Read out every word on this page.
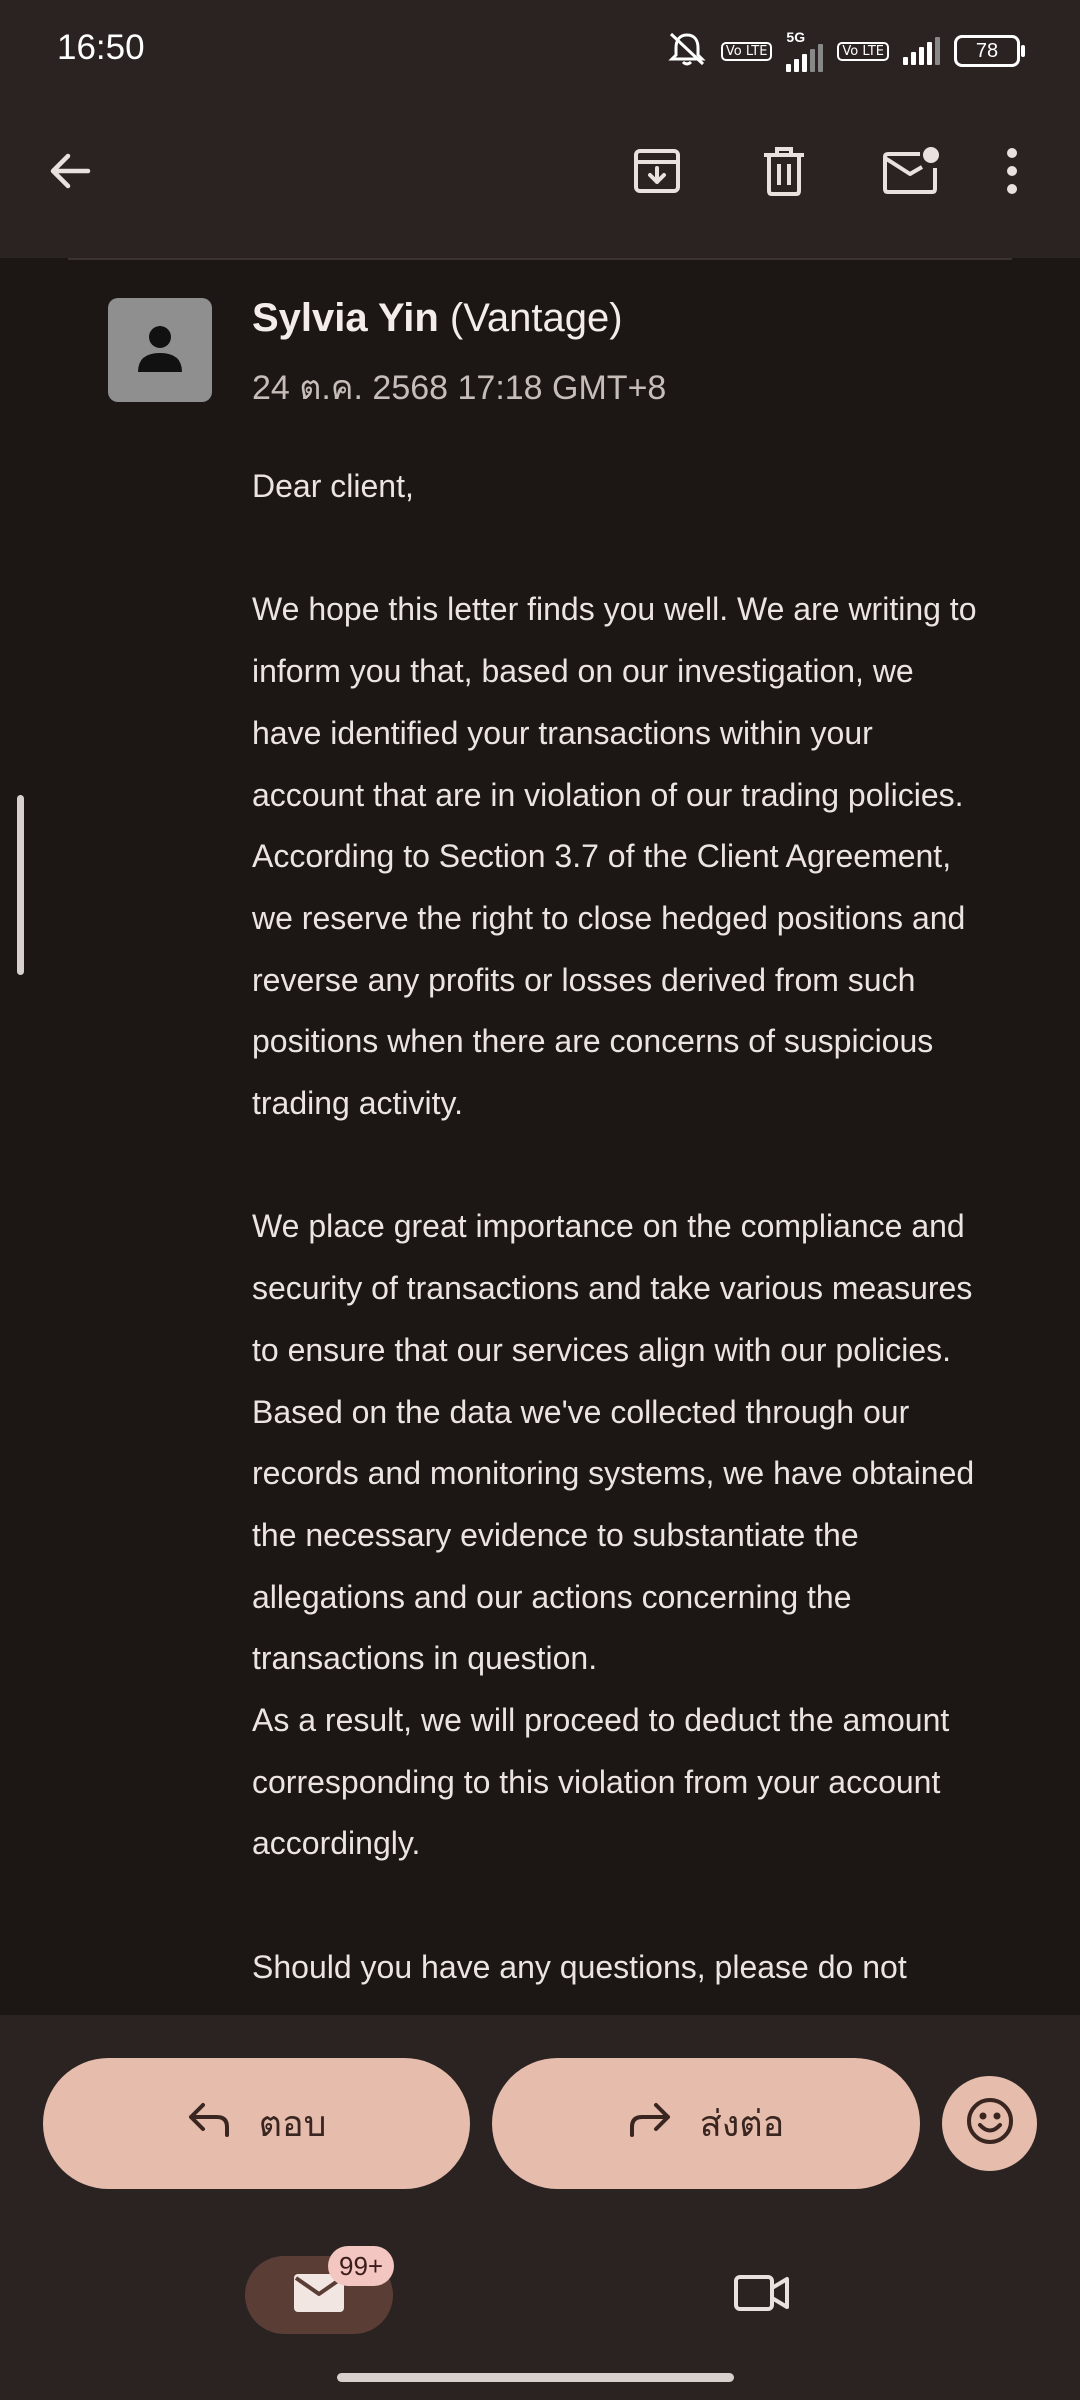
16:50	Vo LTE
5G
Vo LTE	78
Sylvia Yin (Vantage)
24 ต.ค. 2568 17:18 GMT+8
Dear client,

We hope this letter finds you well. We are writing to
inform you that, based on our investigation, we
have identified your transactions within your
account that are in violation of our trading policies.
According to Section 3.7 of the Client Agreement,
we reserve the right to close hedged positions and
reverse any profits or losses derived from such
positions when there are concerns of suspicious
trading activity.

We place great importance on the compliance and
security of transactions and take various measures
to ensure that our services align with our policies.
Based on the data we've collected through our
records and monitoring systems, we have obtained
the necessary evidence to substantiate the
allegations and our actions concerning the
transactions in question.
As a result, we will proceed to deduct the amount
corresponding to this violation from your account
accordingly.

Should you have any questions, please do not
ตอบ	ส่งต่อ
99+
